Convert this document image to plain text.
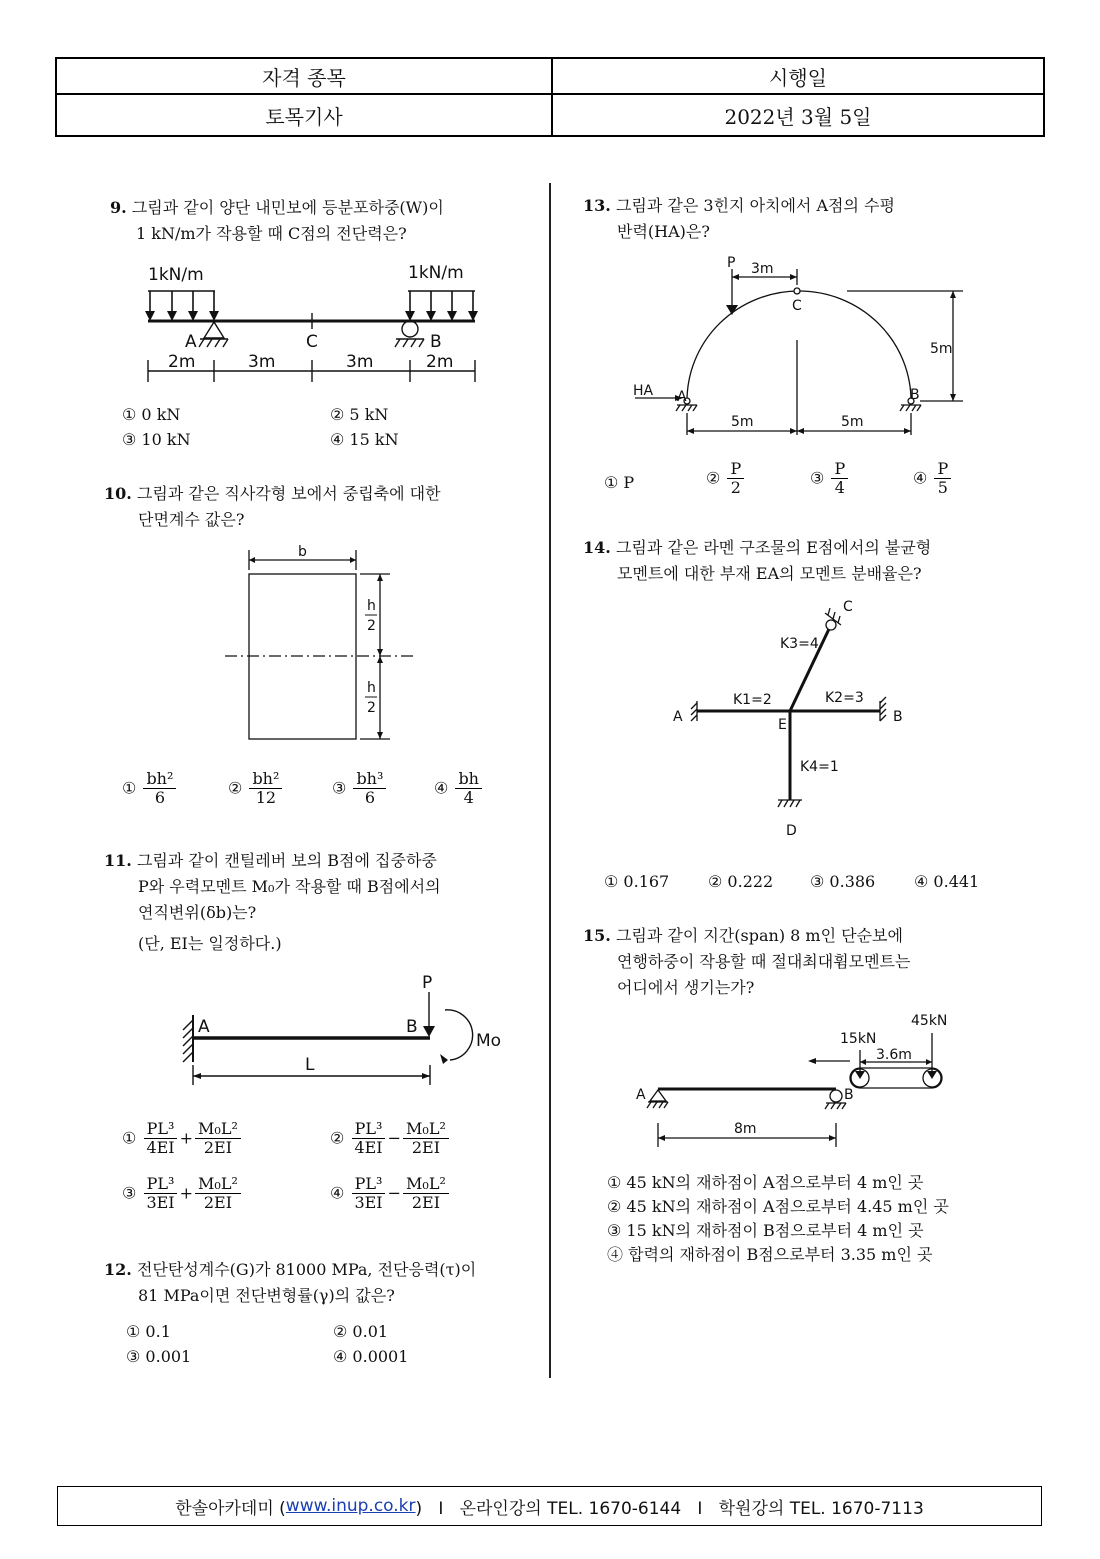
자격 종목	시행일
토목기사	2022년 3월 5일
9. 그림과 같이 양단 내민보에 등분포하중(W)이
1 kN/m가 작용할 때 C점의 전단력은?
1kN/m	1kN/m
A	C	B
2m	3m	3m	2m
① 0 kN	② 5 kN
③ 10 kN	④ 15 kN
10. 그림과 같은 직사각형 보에서 중립축에 대한
단면계수 값은?
b
h
2
h
2
① $\frac{\text{bh²}}{6}$	② $\frac{\text{bh²}}{12}$	③ $\frac{\text{bh³}}{6}$	④ $\frac{bh}{4}$
11. 그림과 같이 캔틸레버 보의 B점에 집중하중
P와 우력모멘트 M₀가 작용할 때 B점에서의
연직변위(δb)는?
(단, EI는 일정하다.)
A	B
P
Mo
L
① $\frac{\text{PL³}}{4EI} + \frac{\text{M₀L²}}{2EI}$	② $\frac{\text{PL³}}{4EI} - \frac{\text{M₀L²}}{2EI}$
③ $\frac{\text{PL³}}{3EI} + \frac{\text{M₀L²}}{2EI}$	④ $\frac{\text{PL³}}{3EI} - \frac{\text{M₀L²}}{2EI}$
12. 전단탄성계수(G)가 81000 MPa, 전단응력(τ)이
81 MPa이면 전단변형률(γ)의 값은?
① 0.1	② 0.01
③ 0.001	④ 0.0001
13. 그림과 같은 3힌지 아치에서 A점의 수평
반력(HA)은?
P 3m
C
5m
HA A	B
5m	5m
① P	② $\frac{P}{2}$	③ $\frac{P}{4}$	④ $\frac{P}{5}$
14. 그림과 같은 라멘 구조물의 E점에서의 불균형
모멘트에 대한 부재 EA의 모멘트 분배율은?
C
K3=4
K1=2	K2=3
A	E	B
K4=1
D
① 0.167 ② 0.222 ③ 0.386 ④ 0.441
15. 그림과 같이 지간(span) 8 m인 단순보에
연행하중이 작용할 때 절대최대휨모멘트는
어디에서 생기는가?
45kN
15kN
3.6m
A	B
8m
① 45 kN의 재하점이 A점으로부터 4 m인 곳
② 45 kN의 재하점이 A점으로부터 4.45 m인 곳
③ 15 kN의 재하점이 B점으로부터 4 m인 곳
④ 합력의 재하점이 B점으로부터 3.35 m인 곳
한솔아카데미 ( www.inup.co.kr )   I   온라인강의 TEL. 1670-6144   I   학원강의 TEL. 1670-7113
